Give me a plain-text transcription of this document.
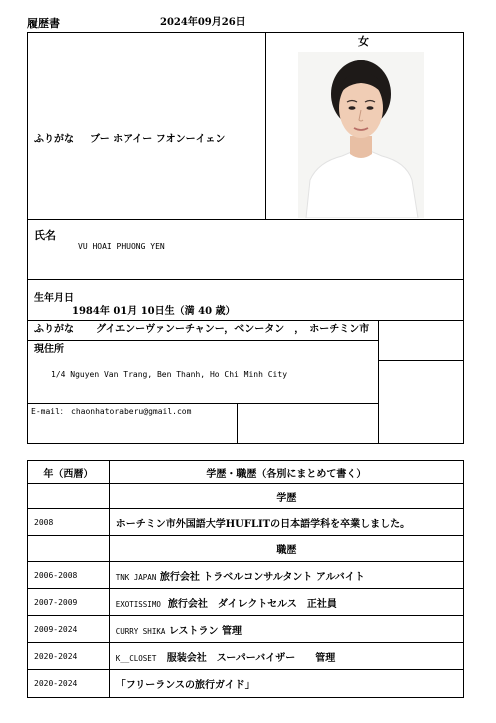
履歴書	2024年09月26日
女
ふりがな ブー ホアイー フオンーイェン
氏名
VU HOAI PHUONG YEN
生年月日
1984年 01月 10日生（満 40 歳）
ふりがな グイエンーヴァンーチャンー，ベンータン　，　ホーチミン市
現住所
1/4 Nguyen Van Trang, Ben Thanh, Ho Chi Minh City
E-mail： chaonhatoraberu@gmail.com
年（西暦）	学歴・職歴（各別にまとめて書く）
	学歴
2008	ホーチミン市外国語大学HUFLITの日本語学科を卒業しました。
	職歴
2006-2008	TNK JAPAN 旅行会社 トラベルコンサルタント アルバイト
2007-2009	EXOTISSIMO 旅行会社　ダイレクトセルス　正社員
2009-2024	CURRY SHIKA レストラン 管理
2020-2024	K__CLOSET 服装会社　スーパーバイザー　　管理
2020-2024	「フリーランスの旅行ガイド」
